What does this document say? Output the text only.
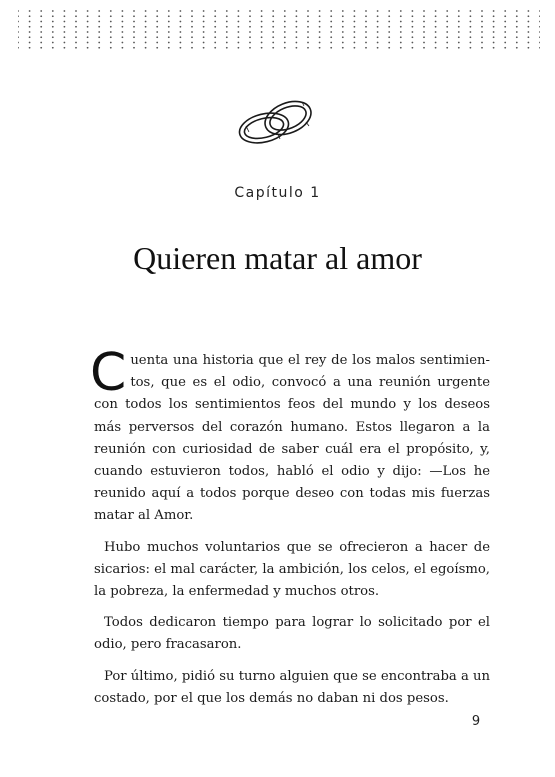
Capítulo 1
Quieren matar al amor

Cuenta una historia que el rey de los malos sentimientos, que es el odio, convocó a una reunión urgente con todos los sentimientos feos del mundo y los deseos más perversos del corazón humano. Estos llegaron a la reunión con curiosidad de saber cuál era el propósito, y, cuando estuvieron todos, habló el odio y dijo: —Los he reunido aquí a todos porque deseo con todas mis fuerzas matar al Amor.

Hubo muchos voluntarios que se ofrecieron a hacer de sicarios: el mal carácter, la ambición, los celos, el egoísmo, la pobreza, la enfermedad y muchos otros.

Todos dedicaron tiempo para lograr lo solicitado por el odio, pero fracasaron.

Por último, pidió su turno alguien que se encontraba a un costado, por el que los demás no daban ni dos pesos.

9
